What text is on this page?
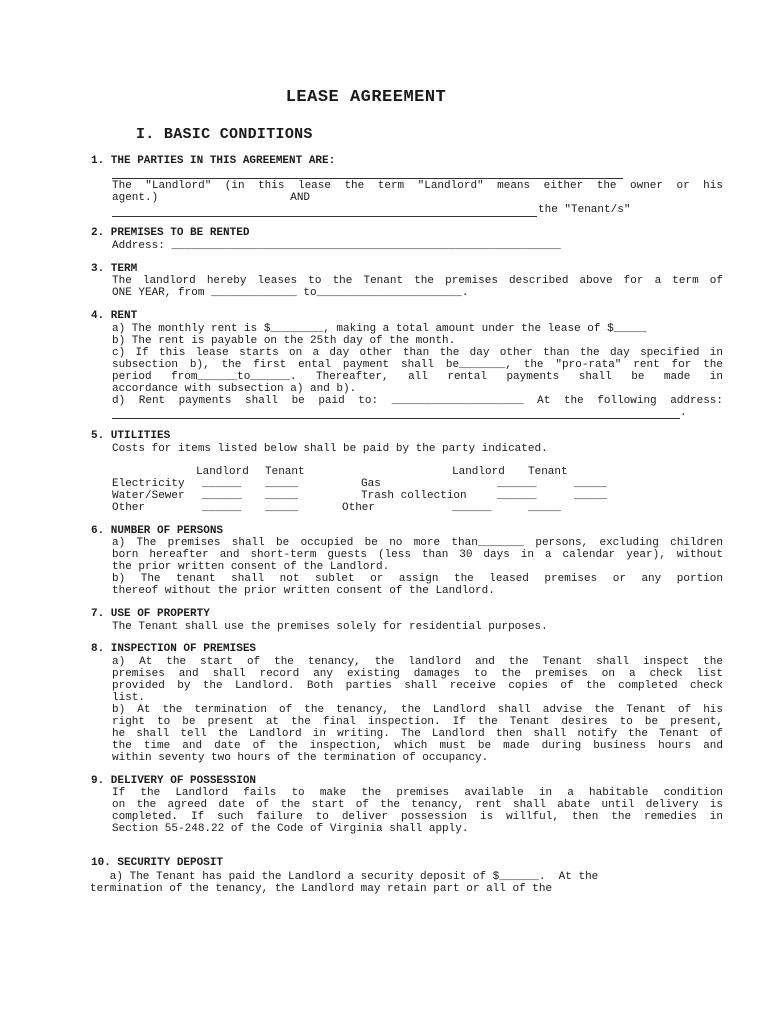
LEASE AGREEMENT
I. BASIC CONDITIONS
1. THE PARTIES IN THIS AGREEMENT ARE:
The "Landlord" (in this lease the term "Landlord" means either the owner or his
agent.)                    AND
the "Tenant/s"
2. PREMISES TO BE RENTED
Address: ___________________________________________________________
3. TERM
The landlord hereby leases to the Tenant the premises described above for a term of
ONE YEAR, from _____________ to______________________.
4. RENT
a) The monthly rent is $________, making a total amount under the lease of $_____
b) The rent is payable on the 25th day of the month.
c) If this lease starts on a day other than the day other than the day specified in
subsection b), the first ental payment shall be_______, the "pro-rata" rent for the
period from______to______. Thereafter, all rental payments shall be made in
accordance with subsection a) and b).
d) Rent payments shall be paid to: ____________________ At the following address:
.
5. UTILITIES
Costs for items listed below shall be paid by the party indicated.
Landlord Tenant	Landlord Tenant
Electricity ______ _____	Gas	______	_____
Water/Sewer ______ _____	Trash collection	______	_____
Other	______ _____	Other	______	_____
6. NUMBER OF PERSONS
a) The premises shall be occupied be no more than_______ persons, excluding children
born hereafter and short-term guests (less than 30 days in a calendar year), without
the prior written consent of the Landlord.
b) The tenant shall not sublet or assign the leased premises or any portion
thereof without the prior written consent of the Landlord.
7. USE OF PROPERTY
The Tenant shall use the premises solely for residential purposes.
8. INSPECTION OF PREMISES
a) At the start of the tenancy, the landlord and the Tenant shall inspect the
premises and shall record any existing damages to the premises on a check list
provided by the Landlord. Both parties shall receive copies of the completed check
list.
b) At the termination of the tenancy, the Landlord shall advise the Tenant of his
right to be present at the final inspection. If the Tenant desires to be present,
he shall tell the Landlord in writing. The Landlord then shall notify the Tenant of
the time and date of the inspection, which must be made during business hours and
within seventy two hours of the termination of occupancy.
9. DELIVERY OF POSSESSION
If the Landlord fails to make the premises available in a habitable condition
on the agreed date of the start of the tenancy, rent shall abate until delivery is
completed. If such failure to deliver possession is willful, then the remedies in
Section 55-248.22 of the Code of Virginia shall apply.
10. SECURITY DEPOSIT
a) The Tenant has paid the Landlord a security deposit of $______.  At the
termination of the tenancy, the Landlord may retain part or all of the
